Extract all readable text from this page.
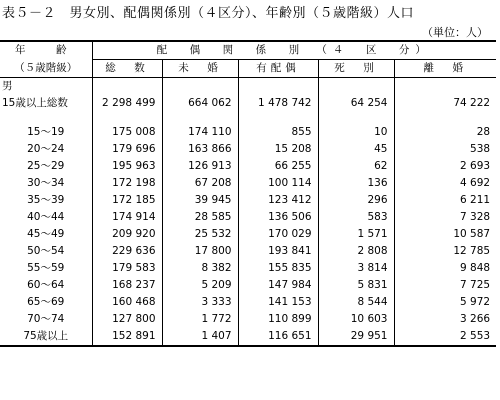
表５－２　男女別、配偶関係別（４区分）、年齢別（５歳階級）人口
（単位：人）
年　齢	配　偶　関　係　別　（４　区　分）				
（５歳階級）	総　数	未　婚	有配偶	死　別	離　婚
男					
15歳以上総数	2 298 499	664 062	1 478 742	64 254	74 222

15～19	175 008	174 110	855	10	28
20～24	179 696	163 866	15 208	45	538
25～29	195 963	126 913	66 255	62	2 693
30～34	172 198	67 208	100 114	136	4 692
35～39	172 185	39 945	123 412	296	6 211
40～44	174 914	28 585	136 506	583	7 328
45～49	209 920	25 532	170 029	1 571	10 587
50～54	229 636	17 800	193 841	2 808	12 785
55～59	179 583	8 382	155 835	3 814	9 848
60～64	168 237	5 209	147 984	5 831	7 725
65～69	160 468	3 333	141 153	8 544	5 972
70～74	127 800	1 772	110 899	10 603	3 266
75歳以上	152 891	1 407	116 651	29 951	2 553
